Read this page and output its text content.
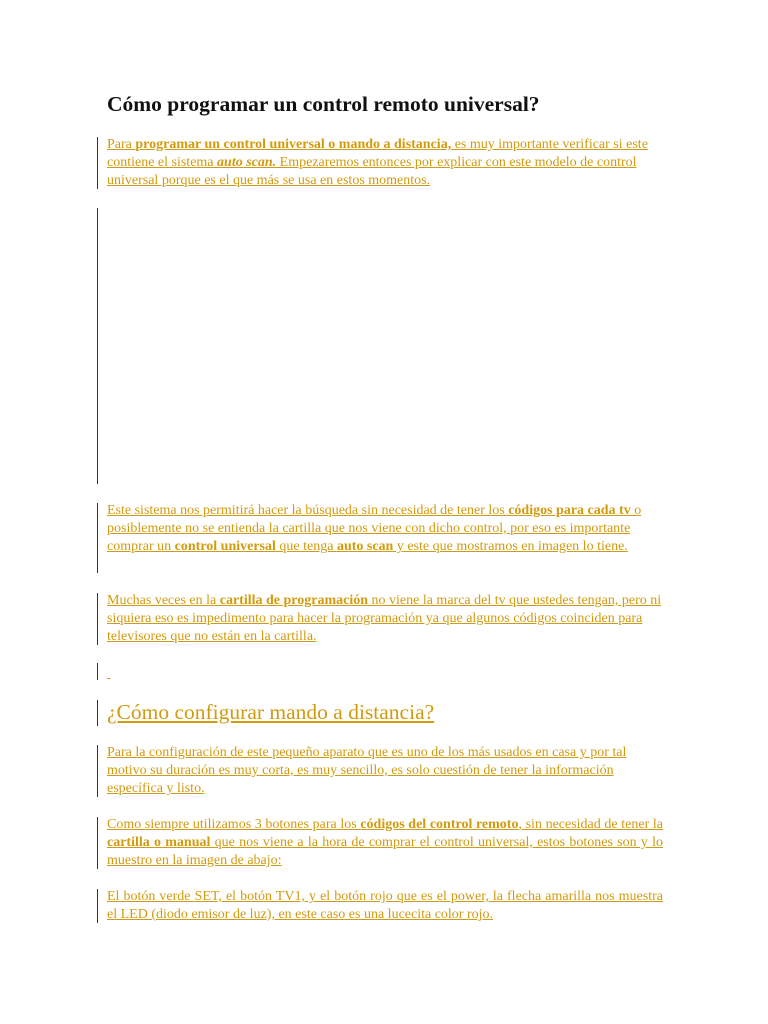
Cómo programar un control remoto universal?
Para programar un control universal o mando a distancia, es muy importante verificar si este contiene el sistema auto scan. Empezaremos entonces por explicar con este modelo de control universal porque es el que más se usa en estos momentos.
Este sistema nos permitirá hacer la búsqueda sin necesidad de tener los códigos para cada tv o posiblemente no se entienda la cartilla que nos viene con dicho control, por eso es importante comprar un control universal que tenga auto scan y este que mostramos en imagen lo tiene.
Muchas veces en la cartilla de programación no viene la marca del tv que ustedes tengan, pero ni siquiera eso es impedimento para hacer la programación ya que algunos códigos coinciden para televisores que no están en la cartilla.

¿Cómo configurar mando a distancia?
Para la configuración de este pequeño aparato que es uno de los más usados en casa y por tal motivo su duración es muy corta, es muy sencillo, es solo cuestión de tener la información específica y listo.
Como siempre utilizamos 3 botones para los códigos del control remoto, sin necesidad de tener la cartilla o manual que nos viene a la hora de comprar el control universal, estos botones son y lo muestro en la imagen de abajo:
El botón verde SET, el botón TV1, y el botón rojo que es el power, la flecha amarilla nos muestra el LED (diodo emisor de luz), en este caso es una lucecita color rojo.
